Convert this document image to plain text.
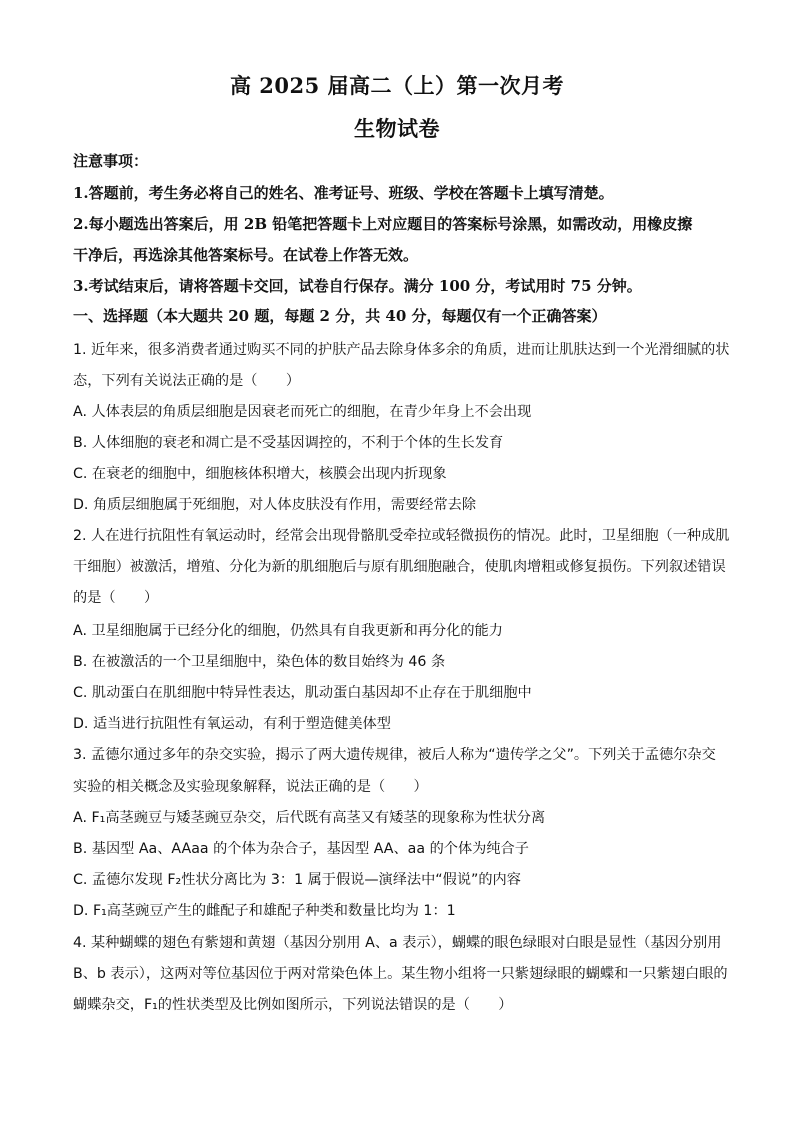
高 2025 届高二（上）第一次月考
生物试卷
注意事项：
1.答题前，考生务必将自己的姓名、准考证号、班级、学校在答题卡上填写清楚。
2.每小题选出答案后，用 2B 铅笔把答题卡上对应题目的答案标号涂黑，如需改动，用橡皮擦
干净后，再选涂其他答案标号。在试卷上作答无效。
3.考试结束后，请将答题卡交回，试卷自行保存。满分 100 分，考试用时 75 分钟。
一、选择题（本大题共 20 题，每题 2 分，共 40 分，每题仅有一个正确答案）
1. 近年来，很多消费者通过购买不同的护肤产品去除身体多余的角质，进而让肌肤达到一个光滑细腻的状
态，下列有关说法正确的是（　　）
A. 人体表层的角质层细胞是因衰老而死亡的细胞，在青少年身上不会出现
B. 人体细胞的衰老和凋亡是不受基因调控的，不利于个体的生长发育
C. 在衰老的细胞中，细胞核体积增大，核膜会出现内折现象
D. 角质层细胞属于死细胞，对人体皮肤没有作用，需要经常去除
2. 人在进行抗阻性有氧运动时，经常会出现骨骼肌受牵拉或轻微损伤的情况。此时，卫星细胞（一种成肌
干细胞）被激活，增殖、分化为新的肌细胞后与原有肌细胞融合，使肌肉增粗或修复损伤。下列叙述错误
的是（　　）
A. 卫星细胞属于已经分化的细胞，仍然具有自我更新和再分化的能力
B. 在被激活的一个卫星细胞中，染色体的数目始终为 46 条
C. 肌动蛋白在肌细胞中特异性表达，肌动蛋白基因却不止存在于肌细胞中
D. 适当进行抗阻性有氧运动，有利于塑造健美体型
3. 孟德尔通过多年的杂交实验，揭示了两大遗传规律，被后人称为“遗传学之父”。下列关于孟德尔杂交
实验的相关概念及实验现象解释，说法正确的是（　　）
A. F₁高茎豌豆与矮茎豌豆杂交，后代既有高茎又有矮茎的现象称为性状分离
B. 基因型 Aa、AAaa 的个体为杂合子，基因型 AA、aa 的个体为纯合子
C. 孟德尔发现 F₂性状分离比为 3：1 属于假说—演绎法中“假说”的内容
D. F₁高茎豌豆产生的雌配子和雄配子种类和数量比均为 1：1
4. 某种蝴蝶的翅色有紫翅和黄翅（基因分别用 A、a 表示），蝴蝶的眼色绿眼对白眼是显性（基因分别用
B、b 表示），这两对等位基因位于两对常染色体上。某生物小组将一只紫翅绿眼的蝴蝶和一只紫翅白眼的
蝴蝶杂交，F₁的性状类型及比例如图所示，下列说法错误的是（　　）
